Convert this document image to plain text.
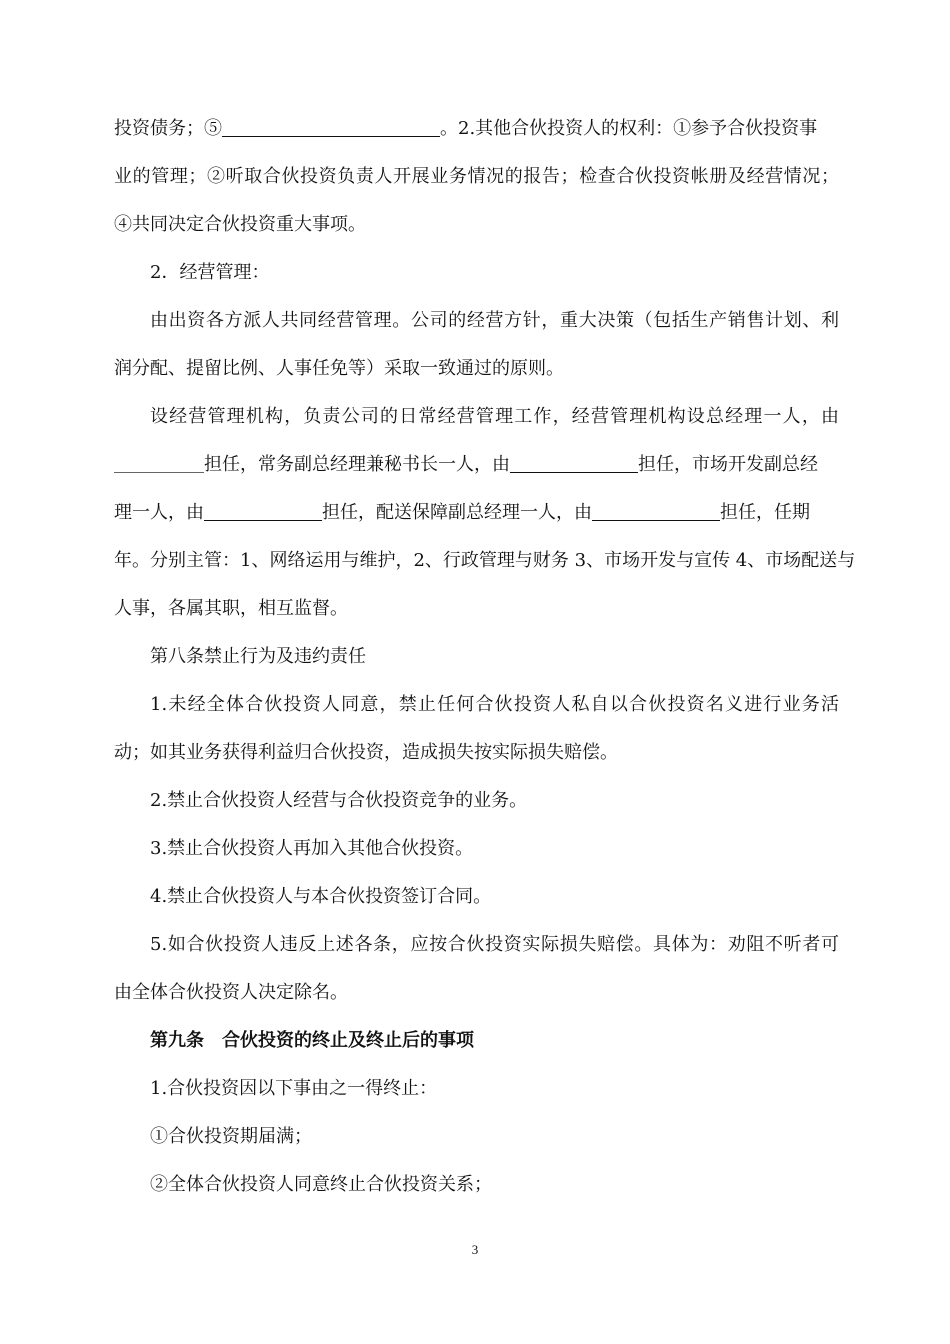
投资债务；⑤	。2.其他合伙投资人的权利：①参予合伙投资事
业的管理；②听取合伙投资负责人开展业务情况的报告；检查合伙投资帐册及经营情况；
④共同决定合伙投资重大事项。
2．经营管理：
由出资各方派人共同经营管理。公司的经营方针，重大决策（包括生产销售计划、利
润分配、提留比例、人事任免等）采取一致通过的原则。
设经营管理机构，负责公司的日常经营管理工作，经营管理机构设总经理一人，由
担任，常务副总经理兼秘书长一人，由	担任，市场开发副总经
理一人，由	担任，配送保障副总经理一人，由	担任，任期
年。分别主管：1、网络运用与维护，2、行政管理与财务 3、市场开发与宣传 4、市场配送与
人事，各属其职，相互监督。
第八条禁止行为及违约责任
1.未经全体合伙投资人同意，禁止任何合伙投资人私自以合伙投资名义进行业务活
动；如其业务获得利益归合伙投资，造成损失按实际损失赔偿。
2.禁止合伙投资人经营与合伙投资竞争的业务。
3.禁止合伙投资人再加入其他合伙投资。
4.禁止合伙投资人与本合伙投资签订合同。
5.如合伙投资人违反上述各条，应按合伙投资实际损失赔偿。具体为：劝阻不听者可
由全体合伙投资人决定除名。
第九条　合伙投资的终止及终止后的事项
1.合伙投资因以下事由之一得终止：
①合伙投资期届满；
②全体合伙投资人同意终止合伙投资关系；
3
